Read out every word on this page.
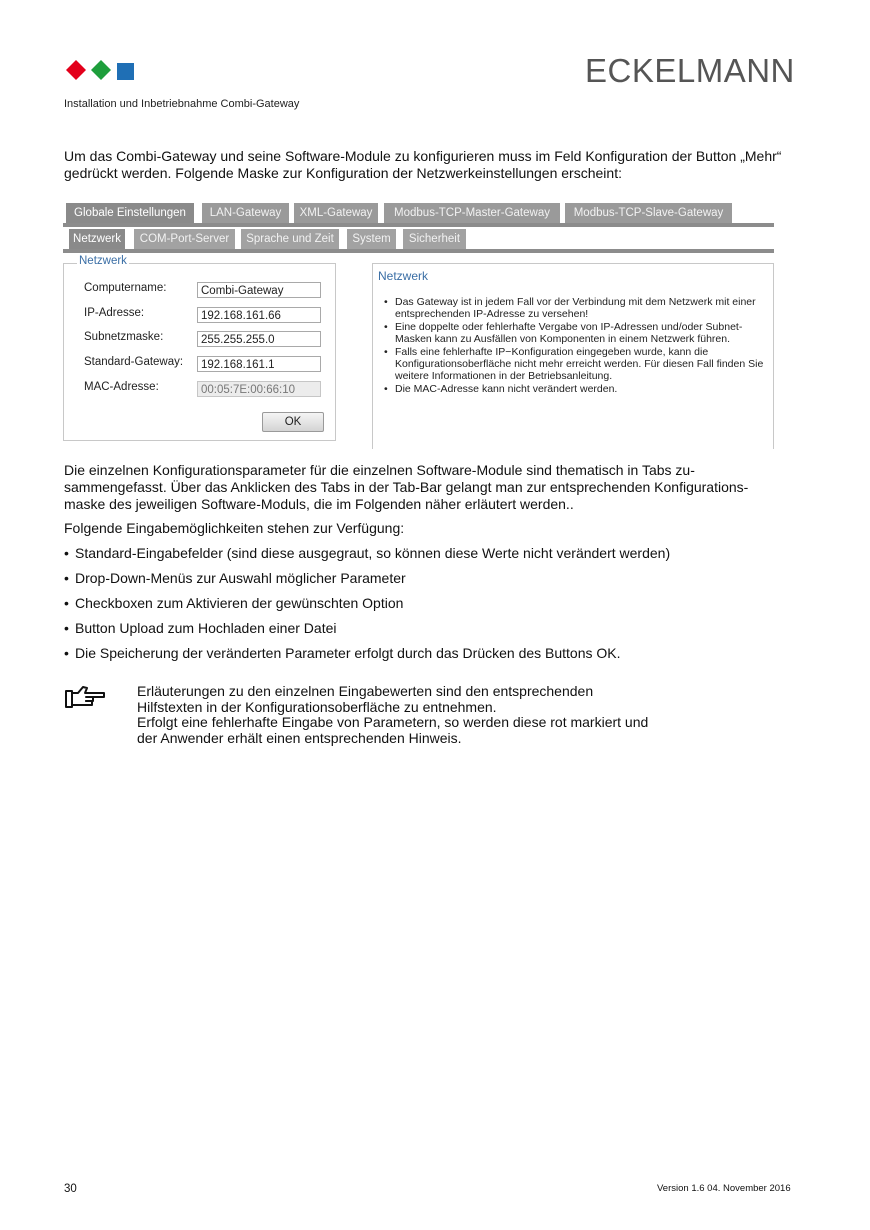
ECKELMANN
Installation und Inbetriebnahme Combi-Gateway
Um das Combi-Gateway und seine Software-Module zu konfigurieren muss im Feld Konfiguration der Button „Mehr“ gedrückt werden. Folgende Maske zur Konfiguration der Netzwerkeinstellungen erscheint:
Globale Einstellungen	LAN-Gateway	XML-Gateway	Modbus-TCP-Master-Gateway	Modbus-TCP-Slave-Gateway
Netzwerk	COM-Port-Server	Sprache und Zeit	System	Sicherheit
Netzwerk
Computername:	Combi-Gateway
IP-Adresse:	192.168.161.66
Subnetzmaske:	255.255.255.0
Standard-Gateway:	192.168.161.1
MAC-Adresse:	00:05:7E:00:66:10
OK
Netzwerk
• Das Gateway ist in jedem Fall vor der Verbindung mit dem Netzwerk mit einer entsprechenden IP-Adresse zu versehen!
• Eine doppelte oder fehlerhafte Vergabe von IP-Adressen und/oder Subnet-Masken kann zu Ausfällen von Komponenten in einem Netzwerk führen.
• Falls eine fehlerhafte IP−Konfiguration eingegeben wurde, kann die Konfigurationsoberfläche nicht mehr erreicht werden. Für diesen Fall finden Sie weitere Informationen in der Betriebsanleitung.
• Die MAC-Adresse kann nicht verändert werden.
Die einzelnen Konfigurationsparameter für die einzelnen Software-Module sind thematisch in Tabs zu-sammengefasst. Über das Anklicken des Tabs in der Tab-Bar gelangt man zur entsprechenden Konfigurations-maske des jeweiligen Software-Moduls, die im Folgenden näher erläutert werden..
Folgende Eingabemöglichkeiten stehen zur Verfügung:
• Standard-Eingabefelder (sind diese ausgegraut, so können diese Werte nicht verändert werden)
• Drop-Down-Menüs zur Auswahl möglicher Parameter
• Checkboxen zum Aktivieren der gewünschten Option
• Button Upload zum Hochladen einer Datei
• Die Speicherung der veränderten Parameter erfolgt durch das Drücken des Buttons OK.
Erläuterungen zu den einzelnen Eingabewerten sind den entsprechenden
Hilfstexten in der Konfigurationsoberfläche zu entnehmen.
Erfolgt eine fehlerhafte Eingabe von Parametern, so werden diese rot markiert und
der Anwender erhält einen entsprechenden Hinweis.
30	Version 1.6 04. November 2016
